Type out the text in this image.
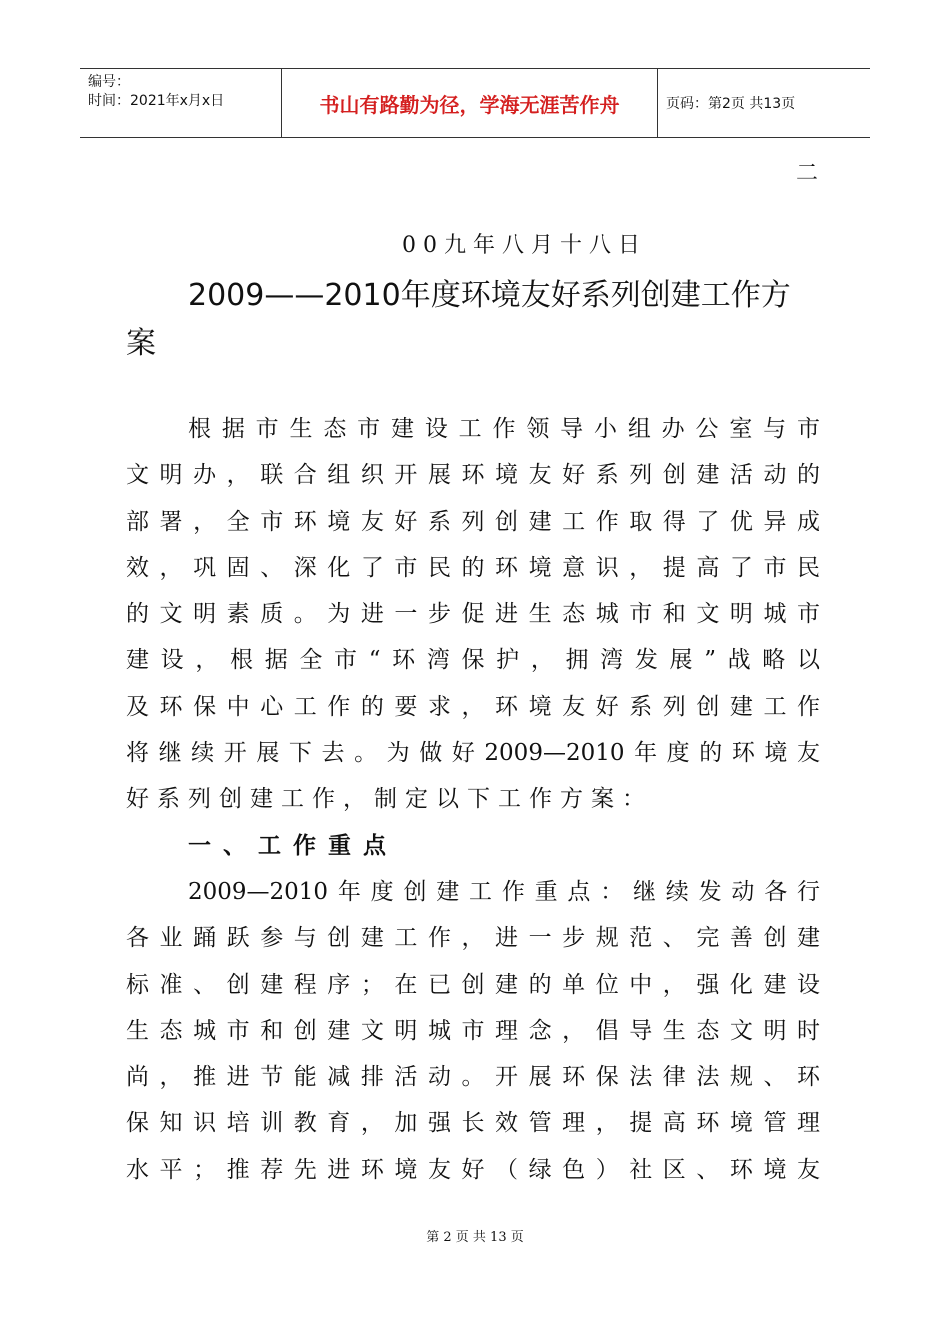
编号：
时间：2021年x月x日	书山有路勤为径，学海无涯苦作舟	页码：第2页 共13页
二
00九年八月十八日
2009——2010年度环境友好系列创建工作方
案
根据市生态市建设工作领导小组办公室与市
文明办，联合组织开展环境友好系列创建活动的
部署，全市环境友好系列创建工作取得了优异成
效，巩固、深化了市民的环境意识，提高了市民
的文明素质。为进一步促进生态城市和文明城市
建设，根据全市“环湾保护，拥湾发展”战略以
及环保中心工作的要求，环境友好系列创建工作
将继续开展下去。为做好2009—2010年度的环境友
好系列创建工作，制定以下工作方案：
一、工作重点
2009—2010年度创建工作重点：继续发动各行
各业踊跃参与创建工作，进一步规范、完善创建
标准、创建程序；在已创建的单位中，强化建设
生态城市和创建文明城市理念，倡导生态文明时
尚，推进节能减排活动。开展环保法律法规、环
保知识培训教育，加强长效管理，提高环境管理
水平；推荐先进环境友好（绿色）社区、环境友
第 2 页 共 13 页
